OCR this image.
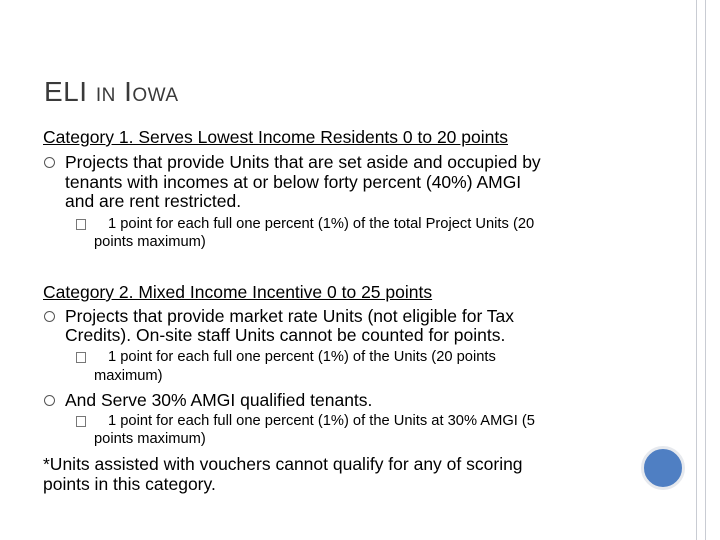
ELI IN IOWA
Category 1. Serves Lowest Income Residents 0 to 20 points
Projects that provide Units that are set aside and occupied by
tenants with incomes at or below forty percent (40%) AMGI
and are rent restricted.
1 point for each full one percent (1%) of the total Project Units (20
points maximum)
Category 2. Mixed Income Incentive 0 to 25 points
Projects that provide market rate Units (not eligible for Tax
Credits). On-site staff Units cannot be counted for points.
1 point for each full one percent (1%) of the Units (20 points
maximum)
And Serve 30% AMGI qualified tenants.
1 point for each full one percent (1%) of the Units at 30% AMGI (5
points maximum)
*Units assisted with vouchers cannot qualify for any of scoring
points in this category.
